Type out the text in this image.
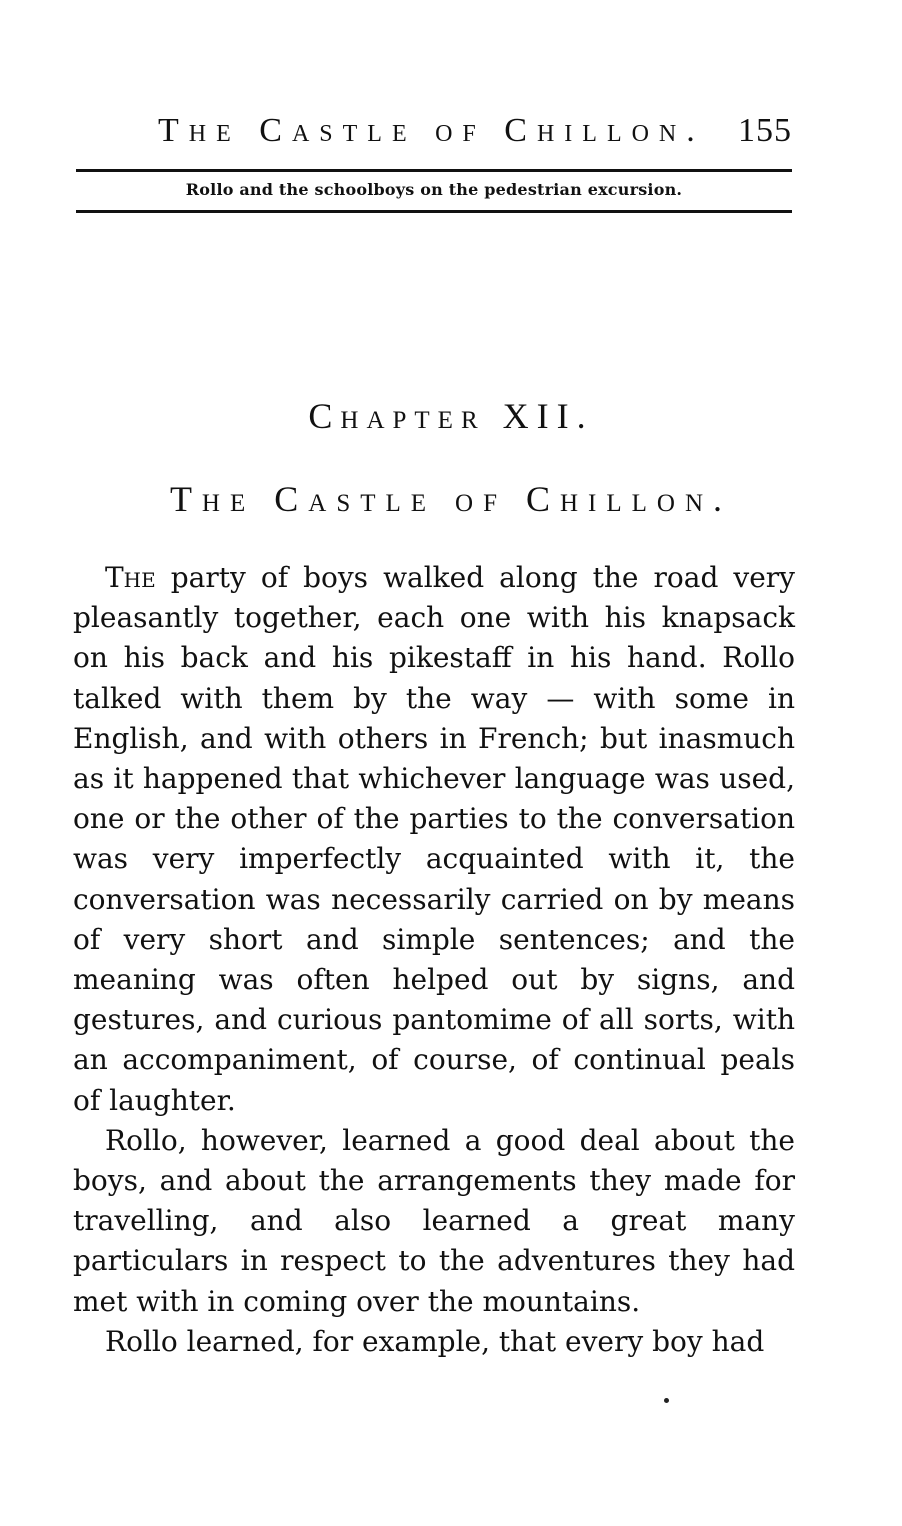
The Castle of Chillon. 155
Rollo and the schoolboys on the pedestrian excursion.
Chapter XII.
The Castle of Chillon.

The party of boys walked along the road very pleasantly together, each one with his knapsack on his back and his pikestaff in his hand. Rollo talked with them by the way — with some in English, and with others in French; but inasmuch as it happened that whichever language was used, one or the other of the parties to the conversation was very imperfectly acquainted with it, the conversation was necessarily carried on by means of very short and simple sentences; and the meaning was often helped out by signs, and gestures, and curious pantomime of all sorts, with an accompaniment, of course, of continual peals of laughter.

Rollo, however, learned a good deal about the boys, and about the arrangements they made for travelling, and also learned a great many particulars in respect to the adventures they had met with in coming over the mountains.

Rollo learned, for example, that every boy had
